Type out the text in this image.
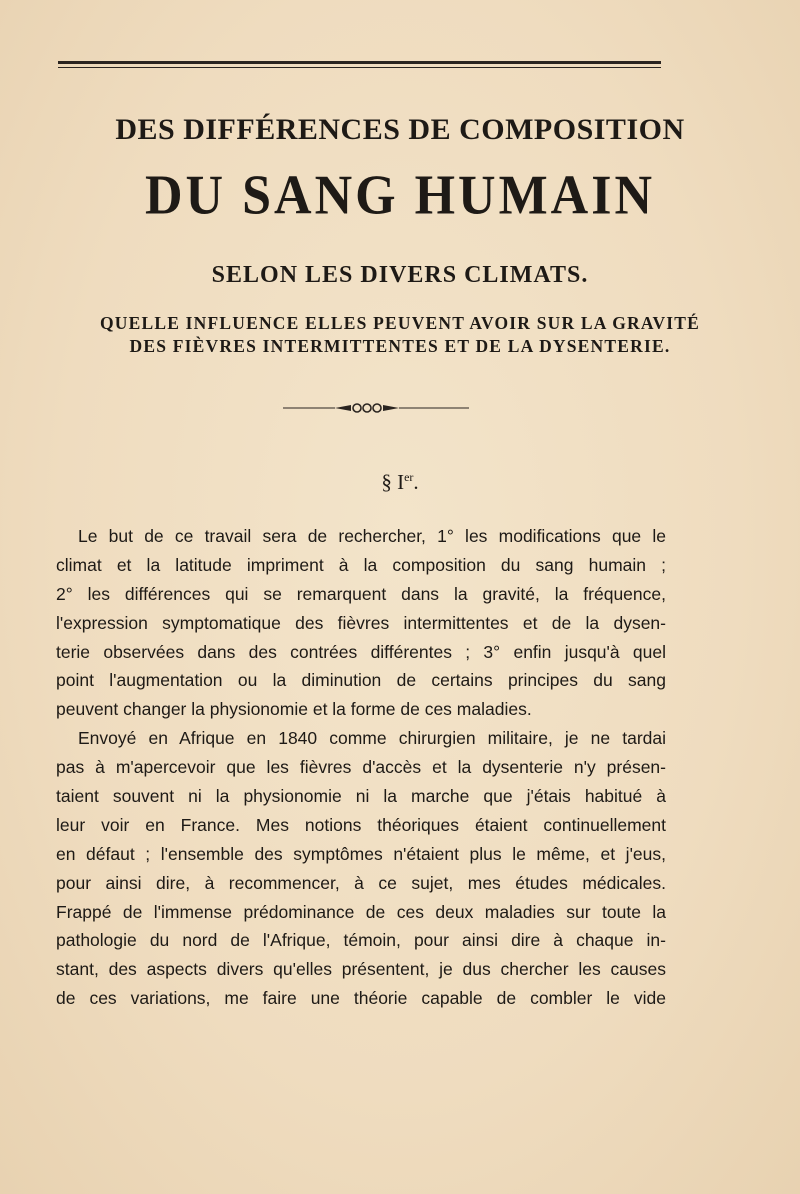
DES DIFFÉRENCES DE COMPOSITION
DU SANG HUMAIN
SELON LES DIVERS CLIMATS.
QUELLE INFLUENCE ELLES PEUVENT AVOIR SUR LA GRAVITÉ
DES FIÈVRES INTERMITTENTES ET DE LA DYSENTERIE.
§ Ier.
Le but de ce travail sera de rechercher, 1° les modifications que le
climat et la latitude impriment à la composition du sang humain ;
2° les différences qui se remarquent dans la gravité, la fréquence,
l'expression symptomatique des fièvres intermittentes et de la dysen-
terie observées dans des contrées différentes ; 3° enfin jusqu'à quel
point l'augmentation ou la diminution de certains principes du sang
peuvent changer la physionomie et la forme de ces maladies.
Envoyé en Afrique en 1840 comme chirurgien militaire, je ne tardai
pas à m'apercevoir que les fièvres d'accès et la dysenterie n'y présen-
taient souvent ni la physionomie ni la marche que j'étais habitué à
leur voir en France. Mes notions théoriques étaient continuellement
en défaut ; l'ensemble des symptômes n'étaient plus le même, et j'eus,
pour ainsi dire, à recommencer, à ce sujet, mes études médicales.
Frappé de l'immense prédominance de ces deux maladies sur toute la
pathologie du nord de l'Afrique, témoin, pour ainsi dire à chaque in-
stant, des aspects divers qu'elles présentent, je dus chercher les causes
de ces variations, me faire une théorie capable de combler le vide
